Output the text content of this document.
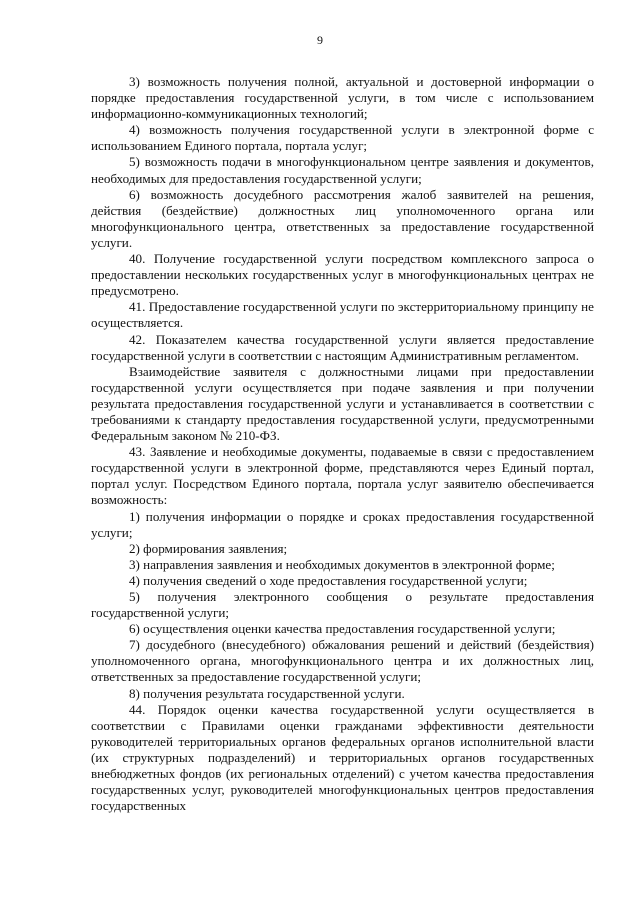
9

3) возможность получения полной, актуальной и достоверной информации о порядке предоставления государственной услуги, в том числе с использованием информационно-коммуникационных технологий;

4) возможность получения государственной услуги в электронной форме с использованием Единого портала, портала услуг;

5) возможность подачи в многофункциональном центре заявления и документов, необходимых для предоставления государственной услуги;

6) возможность досудебного рассмотрения жалоб заявителей на решения, действия (бездействие) должностных лиц уполномоченного органа или многофункционального центра, ответственных за предоставление государственной услуги.

40. Получение государственной услуги посредством комплексного запроса о предоставлении нескольких государственных услуг в многофункциональных центрах не предусмотрено.

41. Предоставление государственной услуги по экстерриториальному принципу не осуществляется.

42. Показателем качества государственной услуги является предоставление государственной услуги в соответствии с настоящим Административным регламентом.

Взаимодействие заявителя с должностными лицами при предоставлении государственной услуги осуществляется при подаче заявления и при получении результата предоставления государственной услуги и устанавливается в соответствии с требованиями к стандарту предоставления государственной услуги, предусмотренными Федеральным законом № 210-ФЗ.

43. Заявление и необходимые документы, подаваемые в связи с предоставлением государственной услуги в электронной форме, представляются через Единый портал, портал услуг. Посредством Единого портала, портала услуг заявителю обеспечивается возможность:

1) получения информации о порядке и сроках предоставления государственной услуги;

2) формирования заявления;

3) направления заявления и необходимых документов в электронной форме;

4) получения сведений о ходе предоставления государственной услуги;

5) получения электронного сообщения о результате предоставления государственной услуги;

6) осуществления оценки качества предоставления государственной услуги;

7) досудебного (внесудебного) обжалования решений и действий (бездействия) уполномоченного органа, многофункционального центра и их должностных лиц, ответственных за предоставление государственной услуги;

8) получения результата государственной услуги.

44. Порядок оценки качества государственной услуги осуществляется в соответствии с Правилами оценки гражданами эффективности деятельности руководителей территориальных органов федеральных органов исполнительной власти (их структурных подразделений) и территориальных органов государственных внебюджетных фондов (их региональных отделений) с учетом качества предоставления государственных услуг, руководителей многофункциональных центров предоставления государственных
